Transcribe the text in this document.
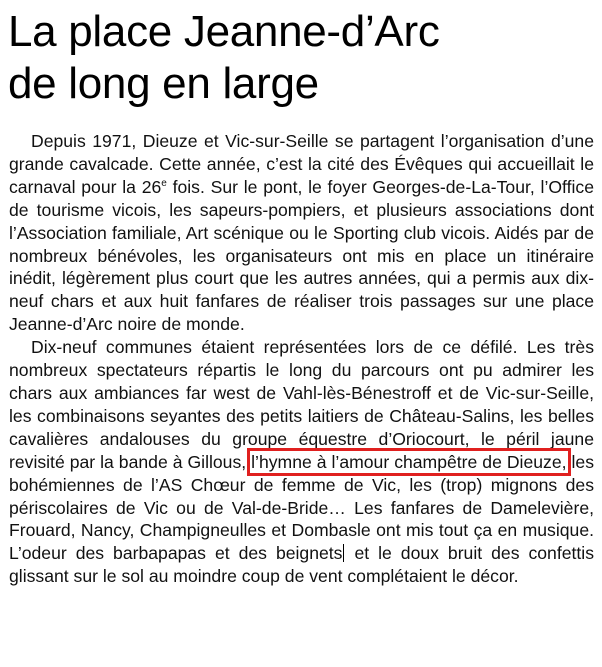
La place Jeanne-d’Arc
de long en large

Depuis 1971, Dieuze et Vic-sur-Seille se partagent l’organisation d’une grande cavalcade. Cette année, c’est la cité des Évêques qui accueillait le carnaval pour la 26e fois. Sur le pont, le foyer Georges-de-La-Tour, l’Office de tourisme vicois, les sapeurs-pompiers, et plusieurs associations dont l’Association familiale, Art scénique ou le Sporting club vicois. Aidés par de nombreux bénévoles, les organisateurs ont mis en place un itinéraire inédit, légèrement plus court que les autres années, qui a permis aux dix-neuf chars et aux huit fanfares de réaliser trois passages sur une place Jeanne-d’Arc noire de monde.

Dix-neuf communes étaient représentées lors de ce défilé. Les très nombreux spectateurs répartis le long du parcours ont pu admirer les chars aux ambiances far west de Vahl-lès-Bénestroff et de Vic-sur-Seille, les combinaisons seyantes des petits laitiers de Château-Salins, les belles cavalières andalouses du groupe équestre d’Oriocourt, le péril jaune revisité par la bande à Gillous, l’hymne à l’amour champêtre de Dieuze, les bohémiennes de l’AS Chœur de femme de Vic, les (trop) mignons des périscolaires de Vic ou de Val-de-Bride… Les fanfares de Damelevière, Frouard, Nancy, Champigneulles et Dombasle ont mis tout ça en musique. L’odeur des barbapapas et des beignets et le doux bruit des confettis glissant sur le sol au moindre coup de vent complétaient le décor.
